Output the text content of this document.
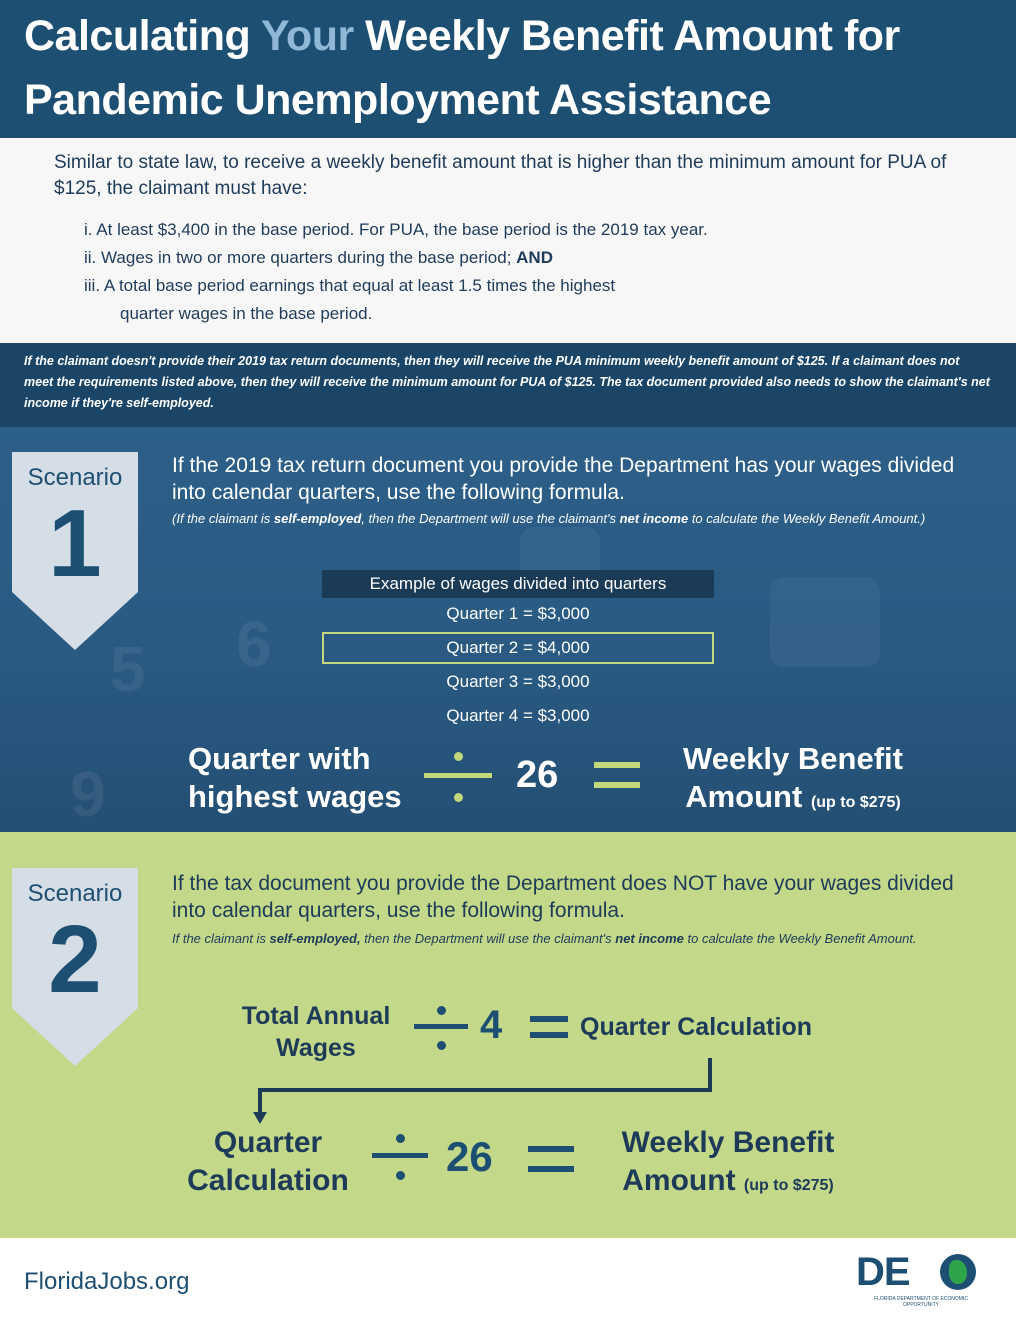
Calculating Your Weekly Benefit Amount for Pandemic Unemployment Assistance

Similar to state law, to receive a weekly benefit amount that is higher than the minimum amount for PUA of $125, the claimant must have:

i. At least $3,400 in the base period. For PUA, the base period is the 2019 tax year.

ii. Wages in two or more quarters during the base period; AND

iii. A total base period earnings that equal at least 1.5 times the highest

quarter wages in the base period.

If the claimant doesn't provide their 2019 tax return documents, then they will receive the PUA minimum weekly benefit amount of $125. If a claimant does not meet the requirements listed above, then they will receive the minimum amount for PUA of $125. The tax document provided also needs to show the claimant's net income if they're self-employed.

6
5
9
Scenario
1

If the 2019 tax return document you provide the Department has your wages divided into calendar quarters, use the following formula.

(If the claimant is self-employed, then the Department will use the claimant's net income to calculate the Weekly Benefit Amount.)

Example of wages divided into quarters
Quarter 1 = $3,000
Quarter 2 = $4,000
Quarter 3 = $3,000
Quarter 4 = $3,000
Quarter with
highest wages
26	Weekly Benefit
Amount (up to $275)
Scenario
2

If the tax document you provide the Department does NOT have your wages divided into calendar quarters, use the following formula.

If the claimant is self-employed, then the Department will use the claimant's net income to calculate the Weekly Benefit Amount.

Total Annual
Wages
4	Quarter Calculation
Quarter
Calculation
26	Weekly Benefit
Amount (up to $275)
FloridaJobs.org	DE
FLORIDA DEPARTMENT OF ECONOMIC OPPORTUNITY
